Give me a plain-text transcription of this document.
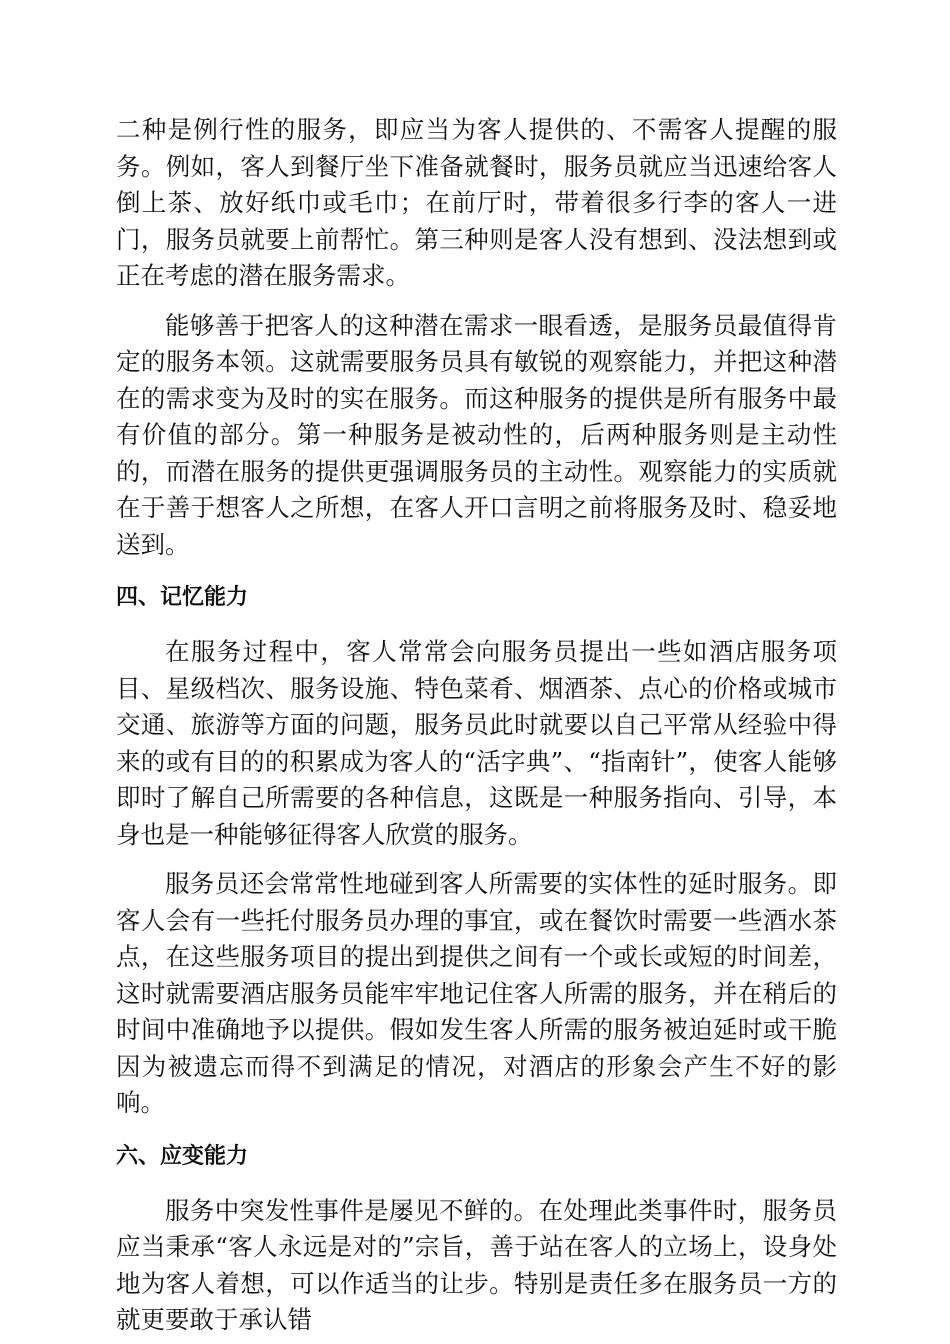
二种是例行性的服务，即应当为客人提供的、不需客人提醒的服务。例如，客人到餐厅坐下准备就餐时，服务员就应当迅速给客人倒上茶、放好纸巾或毛巾；在前厅时，带着很多行李的客人一进门，服务员就要上前帮忙。第三种则是客人没有想到、没法想到或正在考虑的潜在服务需求。

能够善于把客人的这种潜在需求一眼看透，是服务员最值得肯定的服务本领。这就需要服务员具有敏锐的观察能力，并把这种潜在的需求变为及时的实在服务。而这种服务的提供是所有服务中最有价值的部分。第一种服务是被动性的，后两种服务则是主动性的，而潜在服务的提供更强调服务员的主动性。观察能力的实质就在于善于想客人之所想，在客人开口言明之前将服务及时、稳妥地送到。

四、记忆能力

在服务过程中，客人常常会向服务员提出一些如酒店服务项目、星级档次、服务设施、特色菜肴、烟酒茶、点心的价格或城市交通、旅游等方面的问题，服务员此时就要以自己平常从经验中得来的或有目的的积累成为客人的“活字典”、“指南针”，使客人能够即时了解自己所需要的各种信息，这既是一种服务指向、引导，本身也是一种能够征得客人欣赏的服务。

服务员还会常常性地碰到客人所需要的实体性的延时服务。即客人会有一些托付服务员办理的事宜，或在餐饮时需要一些酒水茶点，在这些服务项目的提出到提供之间有一个或长或短的时间差，这时就需要酒店服务员能牢牢地记住客人所需的服务，并在稍后的时间中准确地予以提供。假如发生客人所需的服务被迫延时或干脆因为被遗忘而得不到满足的情况，对酒店的形象会产生不好的影响。

六、应变能力

服务中突发性事件是屡见不鲜的。在处理此类事件时，服务员应当秉承“客人永远是对的”宗旨，善于站在客人的立场上，设身处地为客人着想，可以作适当的让步。特别是责任多在服务员一方的就更要敢于承认错
